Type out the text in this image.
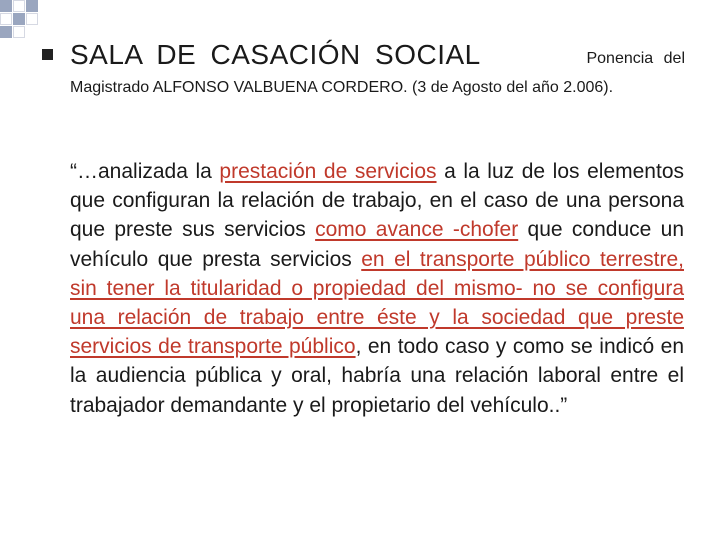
SALA DE CASACIÓN SOCIAL	Ponencia del
Magistrado ALFONSO VALBUENA CORDERO. (3 de Agosto del año 2.006).
“…analizada la prestación de servicios a la luz de los elementos que configuran la relación de trabajo, en el caso de una persona que preste sus servicios como avance -chofer que conduce un vehículo que presta servicios en el transporte público terrestre, sin tener la titularidad o propiedad del mismo- no se configura una relación de trabajo entre éste y la sociedad que preste servicios de transporte público, en todo caso y como se indicó en la audiencia pública y oral, habría una relación laboral entre el trabajador demandante y el propietario del vehículo..”
